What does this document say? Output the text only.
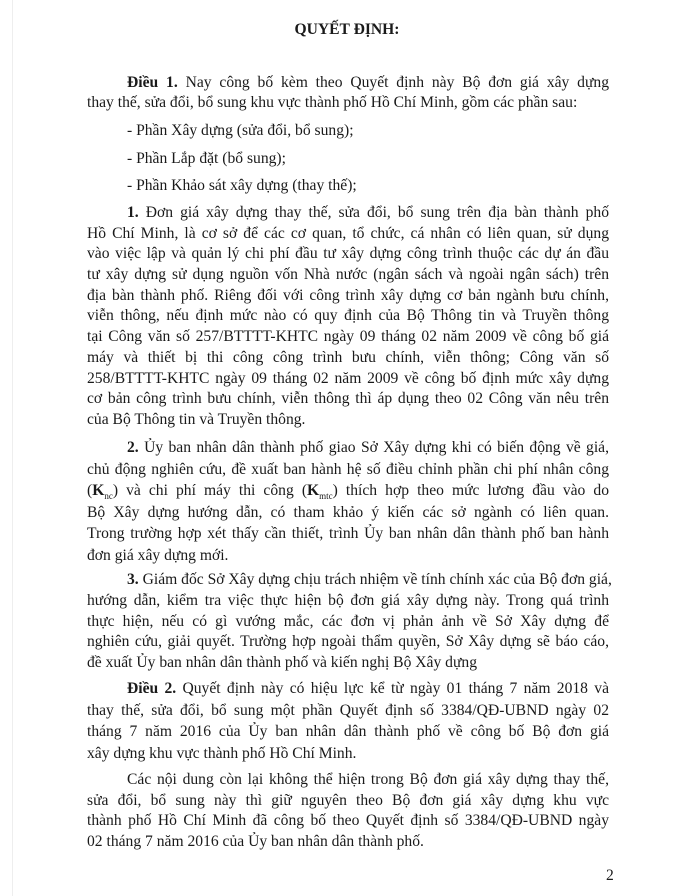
QUYẾT ĐỊNH:
Điều 1. Nay công bố kèm theo Quyết định này Bộ đơn giá xây dựng
thay thế, sửa đổi, bổ sung khu vực thành phố Hồ Chí Minh, gồm các phần sau:
- Phần Xây dựng (sửa đổi, bổ sung);
- Phần Lắp đặt (bổ sung);
- Phần Khảo sát xây dựng (thay thế);
1. Đơn giá xây dựng thay thế, sửa đổi, bổ sung trên địa bàn thành phố
Hồ Chí Minh, là cơ sở để các cơ quan, tổ chức, cá nhân có liên quan, sử dụng
vào việc lập và quản lý chi phí đầu tư xây dựng công trình thuộc các dự án đầu
tư xây dựng sử dụng nguồn vốn Nhà nước (ngân sách và ngoài ngân sách) trên
địa bàn thành phố. Riêng đối với công trình xây dựng cơ bản ngành bưu chính,
viễn thông, nếu định mức nào có quy định của Bộ Thông tin và Truyền thông
tại Công văn số 257/BTTTT-KHTC ngày 09 tháng 02 năm 2009 về công bố giá
máy và thiết bị thi công công trình bưu chính, viễn thông; Công văn số
258/BTTTT-KHTC ngày 09 tháng 02 năm 2009 về công bố định mức xây dựng
cơ bản công trình bưu chính, viễn thông thì áp dụng theo 02 Công văn nêu trên
của Bộ Thông tin và Truyền thông.
2. Ủy ban nhân dân thành phố giao Sở Xây dựng khi có biến động về giá,
chủ động nghiên cứu, đề xuất ban hành hệ số điều chỉnh phần chi phí nhân công
$(K_{nc})$ và chi phí máy thi công $(K_{mtc})$ thích hợp theo mức lương đầu vào do
Bộ Xây dựng hướng dẫn, có tham khảo ý kiến các sở ngành có liên quan.
Trong trường hợp xét thấy cần thiết, trình Ủy ban nhân dân thành phố ban hành
đơn giá xây dựng mới.
3. Giám đốc Sở Xây dựng chịu trách nhiệm về tính chính xác của Bộ đơn giá,
hướng dẫn, kiểm tra việc thực hiện bộ đơn giá xây dựng này. Trong quá trình
thực hiện, nếu có gì vướng mắc, các đơn vị phản ảnh về Sở Xây dựng để
nghiên cứu, giải quyết. Trường hợp ngoài thẩm quyền, Sở Xây dựng sẽ báo cáo,
đề xuất Ủy ban nhân dân thành phố và kiến nghị Bộ Xây dựng
Điều 2. Quyết định này có hiệu lực kể từ ngày 01 tháng 7 năm 2018 và
thay thế, sửa đổi, bổ sung một phần Quyết định số 3384/QĐ-UBND ngày 02
tháng 7 năm 2016 của Ủy ban nhân dân thành phố về công bố Bộ đơn giá
xây dựng khu vực thành phố Hồ Chí Minh.
Các nội dung còn lại không thể hiện trong Bộ đơn giá xây dựng thay thế,
sửa đổi, bổ sung này thì giữ nguyên theo Bộ đơn giá xây dựng khu vực
thành phố Hồ Chí Minh đã công bố theo Quyết định số 3384/QĐ-UBND ngày
02 tháng 7 năm 2016 của Ủy ban nhân dân thành phố.
2
